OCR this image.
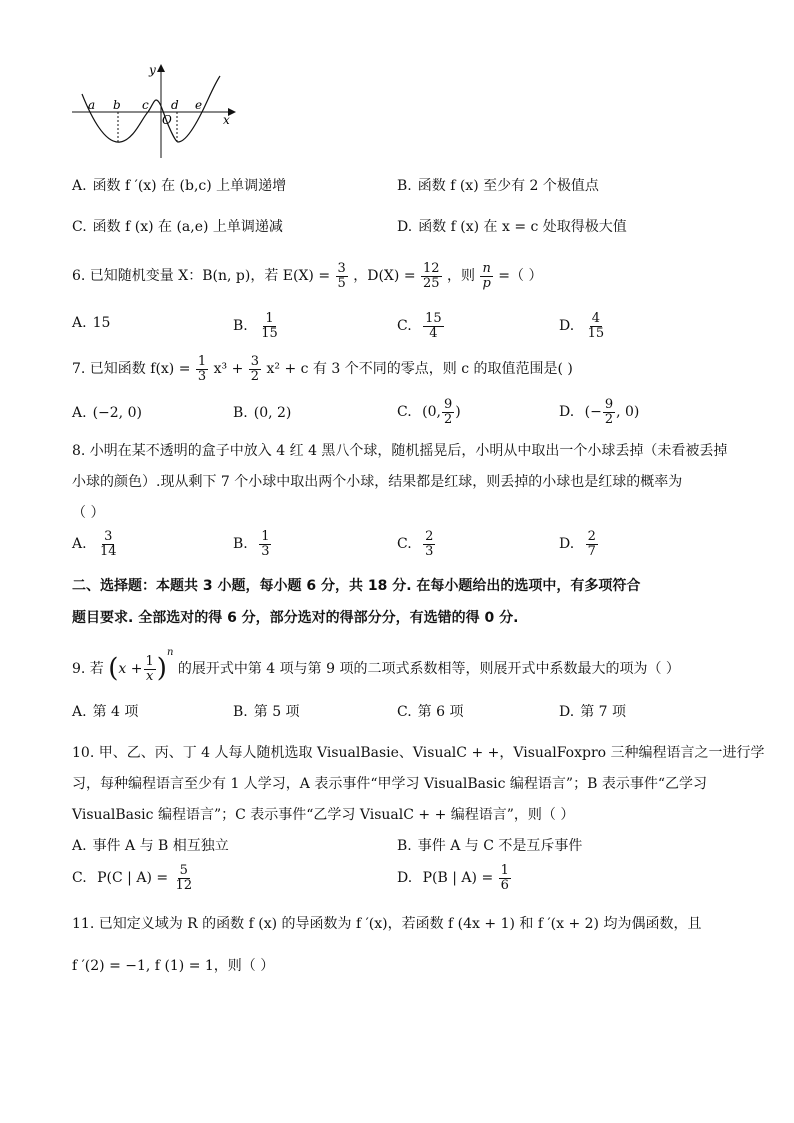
y
x
a b c d e
O
A. 函数 f ′(x) 在 (b,c) 上单调递增	B. 函数 f (x) 至少有 2 个极值点
C. 函数 f (x) 在 (a,e) 上单调递减	D. 函数 f (x) 在 x = c 处取得极大值
6. 已知随机变量 X：B(n, p)，若 $E(X) = \frac{3}{5}$ ，$D(X) = \frac{12}{25}$ ，则 $\frac{n}{p}$ =（ ）
A. 15	B. $\frac{1}{15}$	C. $\frac{15}{4}$	D. $\frac{4}{15}$
7. 已知函数 $f(x) = \frac{1}{3} x^3 + \frac{3}{2} x^2 + c$ 有 3 个不同的零点，则 c 的取值范围是( )
A. (−2, 0)	B. (0, 2)	C. (0, $\frac{9}{2}$ )	D. (− $\frac{9}{2}$ , 0)
8. 小明在某不透明的盒子中放入 4 红 4 黑八个球，随机摇晃后，小明从中取出一个小球丢掉（未看被丢掉
小球的颜色）.现从剩下 7 个小球中取出两个小球，结果都是红球，则丢掉的小球也是红球的概率为
（ ）
A. $\frac{3}{14}$	B. $\frac{1}{3}$	C. $\frac{2}{3}$	D. $\frac{2}{7}$
二、选择题：本题共 3 小题，每小题 6 分，共 18 分. 在每小题给出的选项中，有多项符合
题目要求. 全部选对的得 6 分，部分选对的得部分分，有选错的得 0 分.
9. 若 $(x + \frac{1}{x} )^n$ 的展开式中第 4 项与第 9 项的二项式系数相等，则展开式中系数最大的项为（ ）
A. 第 4 项	B. 第 5 项	C. 第 6 项	D. 第 7 项
10. 甲、乙、丙、丁 4 人每人随机选取 VisualBasie、VisualC + +，VisualFoxpro 三种编程语言之一进行学
习，每种编程语言至少有 1 人学习，A 表示事件“甲学习 VisualBasic 编程语言”；B 表示事件“乙学习
VisualBasic 编程语言”；C 表示事件“乙学习 VisualC + + 编程语言”，则（ ）
A. 事件 A 与 B 相互独立	B. 事件 A 与 C 不是互斥事件
C. P(C | $A) = \frac{5}{12}$	D. P(B | $A) = \frac{1}{6}$
11. 已知定义域为 R 的函数 f (x) 的导函数为 f ′(x)，若函数 f (4x + 1) 和 f ′(x + 2) 均为偶函数，且
f ′(2) = −1, f (1) = 1，则（ ）
